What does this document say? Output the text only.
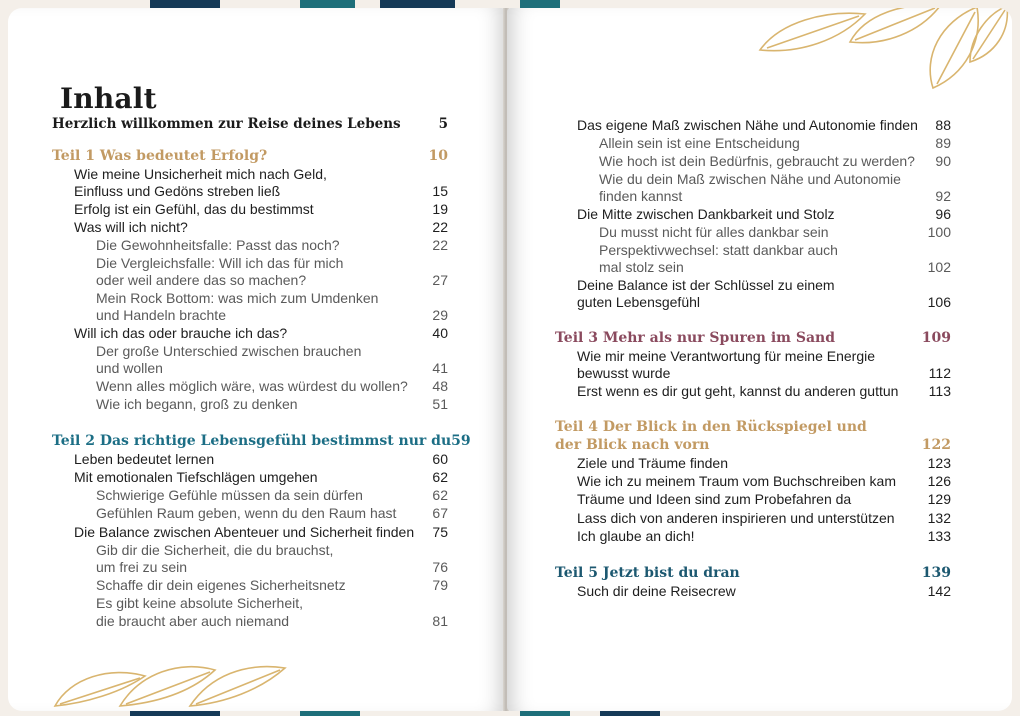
Inhalt
Herzlich willkommen zur Reise deines Lebens	5
Teil 1 Was bedeutet Erfolg?	10
Wie meine Unsicherheit mich nach Geld,
Einfluss und Gedöns streben ließ	15
Erfolg ist ein Gefühl, das du bestimmst	19
Was will ich nicht?	22
Die Gewohnheitsfalle: Passt das noch?	22
Die Vergleichsfalle: Will ich das für mich
oder weil andere das so machen?	27
Mein Rock Bottom: was mich zum Umdenken
und Handeln brachte	29
Will ich das oder brauche ich das?	40
Der große Unterschied zwischen brauchen
und wollen	41
Wenn alles möglich wäre, was würdest du wollen? 48
Wie ich begann, groß zu denken	51
Teil 2 Das richtige Lebensgefühl bestimmst nur du 59
Leben bedeutet lernen	60
Mit emotionalen Tiefschlägen umgehen	62
Schwierige Gefühle müssen da sein dürfen	62
Gefühlen Raum geben, wenn du den Raum hast	67
Die Balance zwischen Abenteuer und Sicherheit finden 75
Gib dir die Sicherheit, die du brauchst,
um frei zu sein	76
Schaffe dir dein eigenes Sicherheitsnetz	79
Es gibt keine absolute Sicherheit,
die braucht aber auch niemand	81
Das eigene Maß zwischen Nähe und Autonomie finden 88
Allein sein ist eine Entscheidung	89
Wie hoch ist dein Bedürfnis, gebraucht zu werden? 90
Wie du dein Maß zwischen Nähe und Autonomie
finden kannst	92
Die Mitte zwischen Dankbarkeit und Stolz	96
Du musst nicht für alles dankbar sein	100
Perspektivwechsel: statt dankbar auch
mal stolz sein	102
Deine Balance ist der Schlüssel zu einem
guten Lebensgefühl	106
Teil 3 Mehr als nur Spuren im Sand	109
Wie mir meine Verantwortung für meine Energie
bewusst wurde	112
Erst wenn es dir gut geht, kannst du anderen guttun 113
Teil 4 Der Blick in den Rückspiegel und
der Blick nach vorn	122
Ziele und Träume finden	123
Wie ich zu meinem Traum vom Buchschreiben kam 126
Träume und Ideen sind zum Probefahren da	129
Lass dich von anderen inspirieren und unterstützen 132
Ich glaube an dich!	133
Teil 5 Jetzt bist du dran	139
Such dir deine Reisecrew	142
